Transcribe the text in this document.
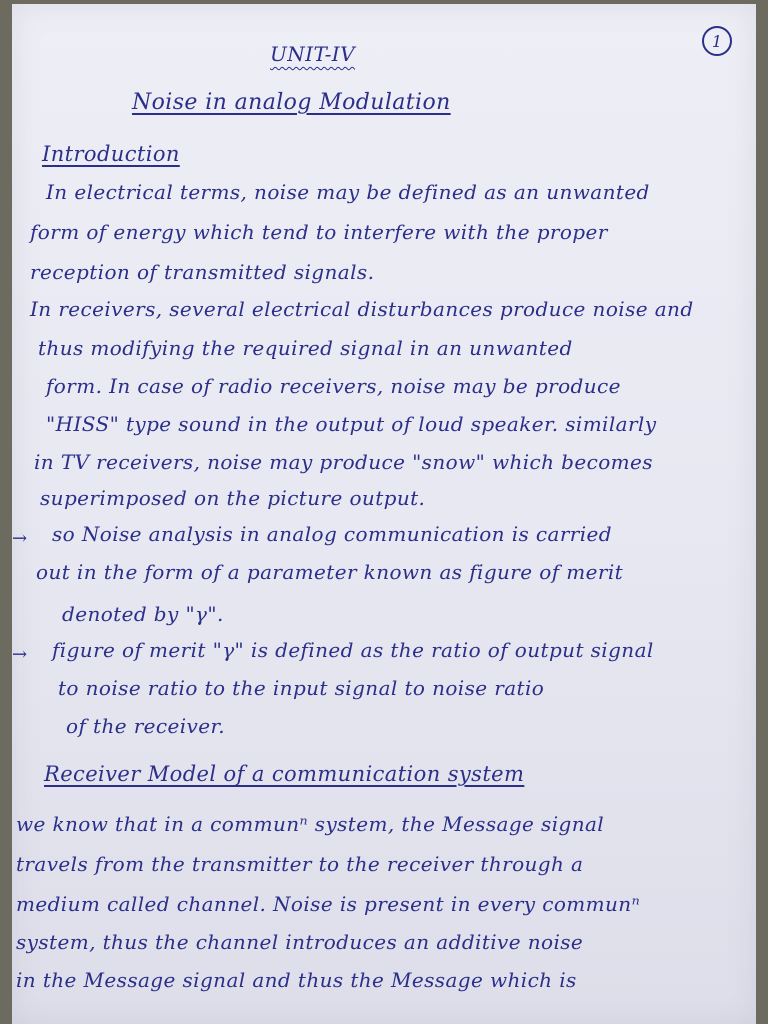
1
UNIT-IV
Noise in analog Modulation
Introduction
In electrical terms, noise may be defined as an unwanted
form of energy which tend to interfere with the proper
reception of transmitted signals.
In receivers, several electrical disturbances produce noise and
thus modifying the required signal in an unwanted
form. In case of radio receivers, noise may be produce
"HISS" type sound in the output of loud speaker. similarly
in TV receivers, noise may produce "snow" which becomes
superimposed on the picture output.
→ so Noise analysis in analog communication is carried
out in the form of a parameter known as figure of merit
denoted by "γ".
→ figure of merit "γ" is defined as the ratio of output signal
to noise ratio to the input signal to noise ratio
of the receiver.
Receiver Model of a communication system
we know that in a communⁿ system, the Message signal
travels from the transmitter to the receiver through a
medium called channel. Noise is present in every communⁿ
system, thus the channel introduces an additive noise
in the Message signal and thus the Message which is
